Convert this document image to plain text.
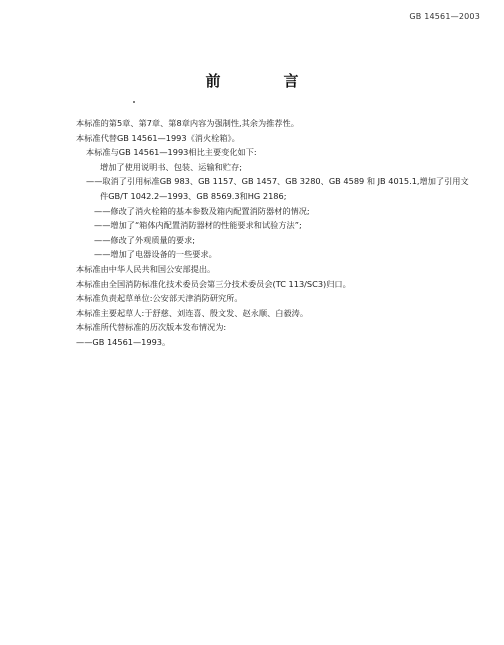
GB 14561—2003
前　言
本标准的第5章、第7章、第8章内容为强制性,其余为推荐性。
本标准代替GB 14561—1993《消火栓箱》。
本标准与GB 14561—1993相比主要变化如下:
增加了使用说明书、包装、运输和贮存;
——取消了引用标准GB 983、GB 1157、GB 1457、GB 3280、GB 4589 和 JB 4015.1,增加了引用文
件GB/T 1042.2—1993、GB 8569.3和HG 2186;
——修改了消火栓箱的基本参数及箱内配置消防器材的情况;
——增加了“箱体内配置消防器材的性能要求和试验方法”;
——修改了外观质量的要求;
——增加了电器设备的一些要求。
本标准由中华人民共和国公安部提出。
本标准由全国消防标准化技术委员会第三分技术委员会(TC 113/SC3)归口。
本标准负责起草单位:公安部天津消防研究所。
本标准主要起草人:于舒慈、刘连喜、殷文发、赵永顺、白毅涛。
本标准所代替标准的历次版本发布情况为:
——GB 14561—1993。
